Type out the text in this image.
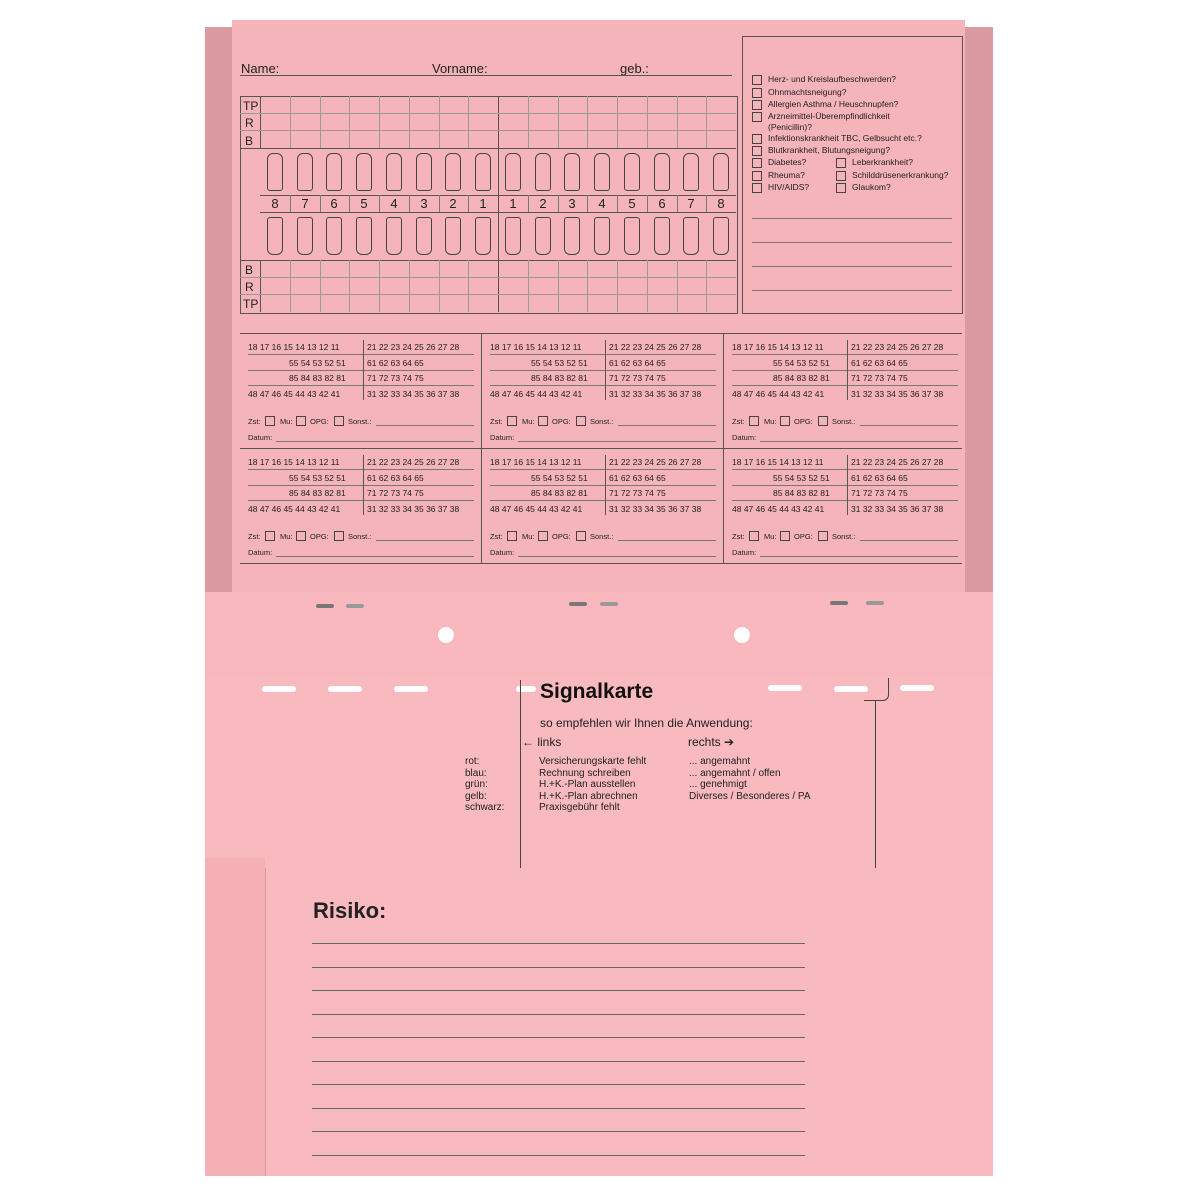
Name:	Vorname:	geb.:
TP
R
B
B
R
TP
8	7	6	5	4	3	2	1	1	2	3	4	5	6	7	8
Herz- und Kreislaufbeschwerden?
Ohnmachtsneigung?
Allergien Asthma / Heuschnupfen?
Arzneimittel-Überempfindlichkeit
Infektionskrankheit TBC, Gelbsucht etc.?
Blutkrankheit, Blutungsneigung?
(Penicillin)?
Diabetes?	Leberkrankheit?
Rheuma?	Schilddrüsenerkrankung?
HIV/AIDS?	Glaukom?
18 17 16 15 14 13 12 11	21 22 23 24 25 26 27 28
55 54 53 52 51	61 62 63 64 65
85 84 83 82 81	71 72 73 74 75
48 47 46 45 44 43 42 41	31 32 33 34 35 36 37 38
Zst:	Mu: OPG:	Sonst.:
Datum:
18 17 16 15 14 13 12 11	21 22 23 24 25 26 27 28
55 54 53 52 51	61 62 63 64 65
85 84 83 82 81	71 72 73 74 75
48 47 46 45 44 43 42 41	31 32 33 34 35 36 37 38
Zst:	Mu: OPG:	Sonst.:
Datum:
18 17 16 15 14 13 12 11	21 22 23 24 25 26 27 28
55 54 53 52 51	61 62 63 64 65
85 84 83 82 81	71 72 73 74 75
48 47 46 45 44 43 42 41	31 32 33 34 35 36 37 38
Zst:	Mu: OPG:	Sonst.:
Datum:
18 17 16 15 14 13 12 11	21 22 23 24 25 26 27 28
55 54 53 52 51	61 62 63 64 65
85 84 83 82 81	71 72 73 74 75
48 47 46 45 44 43 42 41	31 32 33 34 35 36 37 38
Zst:	Mu: OPG:	Sonst.:
Datum:
18 17 16 15 14 13 12 11	21 22 23 24 25 26 27 28
55 54 53 52 51	61 62 63 64 65
85 84 83 82 81	71 72 73 74 75
48 47 46 45 44 43 42 41	31 32 33 34 35 36 37 38
Zst:	Mu: OPG:	Sonst.:
Datum:
18 17 16 15 14 13 12 11	21 22 23 24 25 26 27 28
55 54 53 52 51	61 62 63 64 65
85 84 83 82 81	71 72 73 74 75
48 47 46 45 44 43 42 41	31 32 33 34 35 36 37 38
Zst:	Mu: OPG:	Sonst.:
Datum:
Signalkarte
so empfehlen wir Ihnen die Anwendung:
← links	rechts ➔
rot:	Versicherungskarte fehlt	... angemahnt
blau:	Rechnung schreiben	... angemahnt / offen
grün:	H.+K.-Plan ausstellen	... genehmigt
gelb:	H.+K.-Plan abrechnen	Diverses / Besonderes / PA
schwarz:	Praxisgebühr fehlt
Risiko:
